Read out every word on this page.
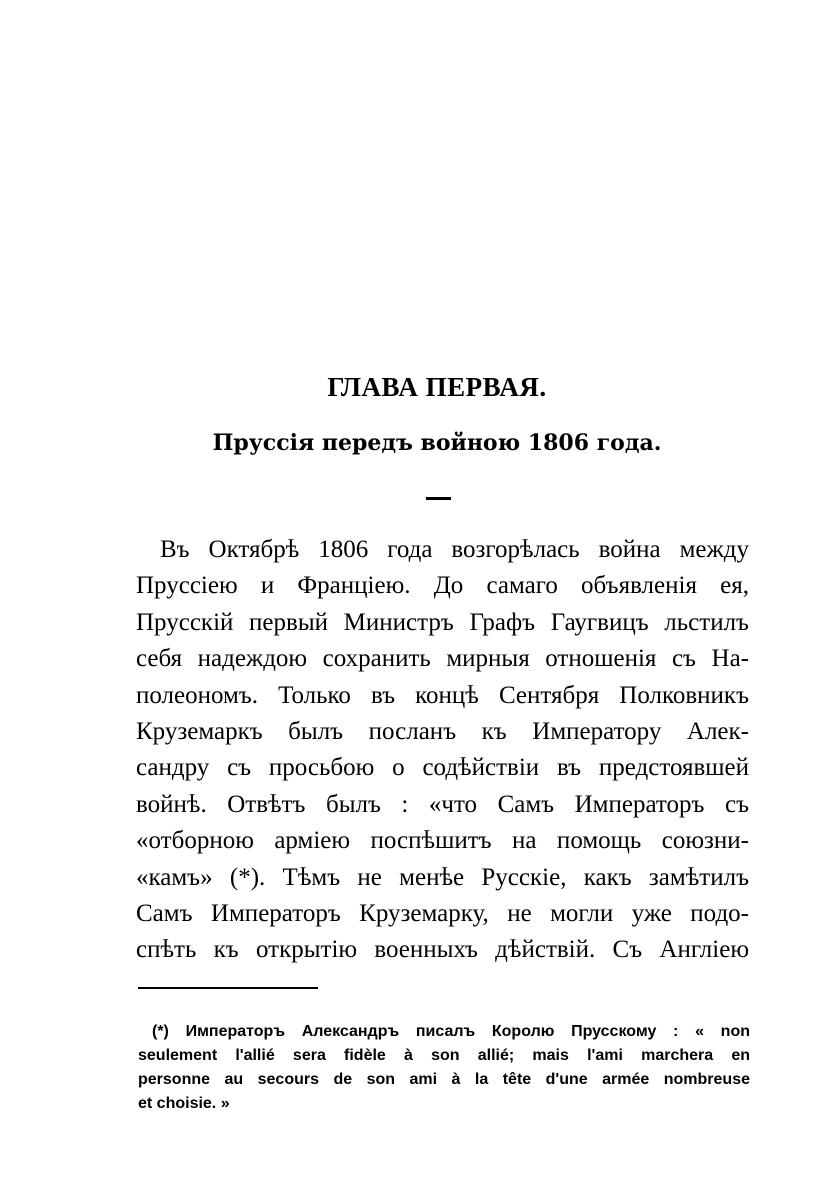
ГЛАВА ПЕРВАЯ.
Пруссія передъ войною 1806 года.
Въ Октябрѣ 1806 года возгорѣлась война между
Пруссіею и Франціею. До самаго объявленія ея,
Прусскій первый Министръ Графъ Гаугвицъ льстилъ
себя надеждою сохранить мирныя отношенія съ На-
полеономъ. Только въ концѣ Сентября Полковникъ
Круземаркъ былъ посланъ къ Императору Алек-
сандру съ просьбою о содѣйствіи въ предстоявшей
войнѣ. Отвѣтъ былъ : «что Самъ Императоръ съ
«отборною арміею поспѣшитъ на помощь союзни-
«камъ» (*). Тѣмъ не менѣе Русскіе, какъ замѣтилъ
Самъ Императоръ Круземарку, не могли уже подо-
спѣть къ открытію военныхъ дѣйствій. Съ Англіею
(*) Императоръ Александръ писалъ Королю Прусскому : « non
seulement l'allié sera fidèle à son allié; mais l'ami marchera en
personne au secours de son ami à la tête d'une armée nombreuse
et choisie. »
